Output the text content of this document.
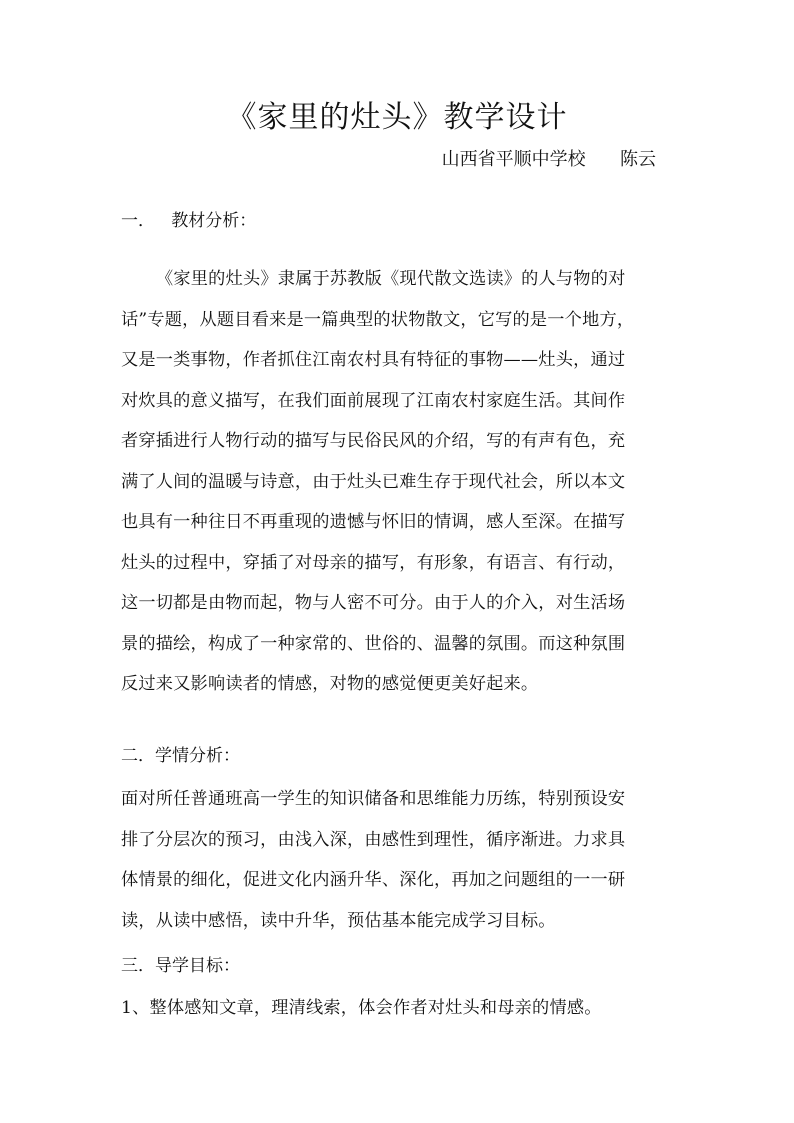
《家里的灶头》教学设计
山西省平顺中学校      陈云
一．   教材分析：
《家里的灶头》隶属于苏教版《现代散文选读》的人与物的对
话”专题，从题目看来是一篇典型的状物散文，它写的是一个地方，
又是一类事物，作者抓住江南农村具有特征的事物——灶头，通过
对炊具的意义描写，在我们面前展现了江南农村家庭生活。其间作
者穿插进行人物行动的描写与民俗民风的介绍，写的有声有色，充
满了人间的温暖与诗意，由于灶头已难生存于现代社会，所以本文
也具有一种往日不再重现的遗憾与怀旧的情调，感人至深。在描写
灶头的过程中，穿插了对母亲的描写，有形象，有语言、有行动，
这一切都是由物而起，物与人密不可分。由于人的介入，对生活场
景的描绘，构成了一种家常的、世俗的、温馨的氛围。而这种氛围
反过来又影响读者的情感，对物的感觉便更美好起来。
二．学情分析：
面对所任普通班高一学生的知识储备和思维能力历练，特别预设安
排了分层次的预习，由浅入深，由感性到理性，循序渐进。力求具
体情景的细化，促进文化内涵升华、深化，再加之问题组的一一研
读，从读中感悟，读中升华，预估基本能完成学习目标。
三．导学目标：
1、整体感知文章，理清线索，体会作者对灶头和母亲的情感。
